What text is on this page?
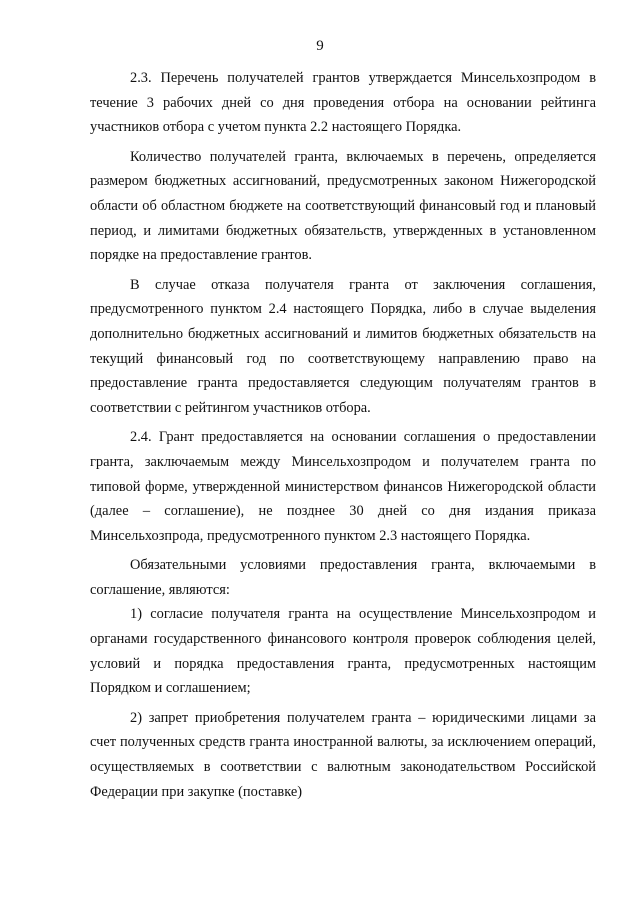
9

2.3. Перечень получателей грантов утверждается Минсельхозпродом в течение 3 рабочих дней со дня проведения отбора на основании рейтинга участников отбора с учетом пункта 2.2 настоящего Порядка.

Количество получателей гранта, включаемых в перечень, определяется размером бюджетных ассигнований, предусмотренных законом Нижегородской области об областном бюджете на соответствующий финансовый год и плановый период, и лимитами бюджетных обязательств, утвержденных в установленном порядке на предоставление грантов.

В случае отказа получателя гранта от заключения соглашения, предусмотренного пунктом 2.4 настоящего Порядка, либо в случае выделения дополнительно бюджетных ассигнований и лимитов бюджетных обязательств на текущий финансовый год по соответствующему направлению право на предоставление гранта предоставляется следующим получателям грантов в соответствии с рейтингом участников отбора.

2.4. Грант предоставляется на основании соглашения о предоставлении гранта, заключаемым между Минсельхозпродом и получателем гранта по типовой форме, утвержденной министерством финансов Нижегородской области (далее – соглашение), не позднее 30 дней со дня издания приказа Минсельхозпрода, предусмотренного пунктом 2.3 настоящего Порядка.

Обязательными условиями предоставления гранта, включаемыми в соглашение, являются:

1) согласие получателя гранта на осуществление Минсельхозпродом и органами государственного финансового контроля проверок соблюдения целей, условий и порядка предоставления гранта, предусмотренных настоящим Порядком и соглашением;

2) запрет приобретения получателем гранта – юридическими лицами за счет полученных средств гранта иностранной валюты, за исключением операций, осуществляемых в соответствии с валютным законодательством Российской Федерации при закупке (поставке)
